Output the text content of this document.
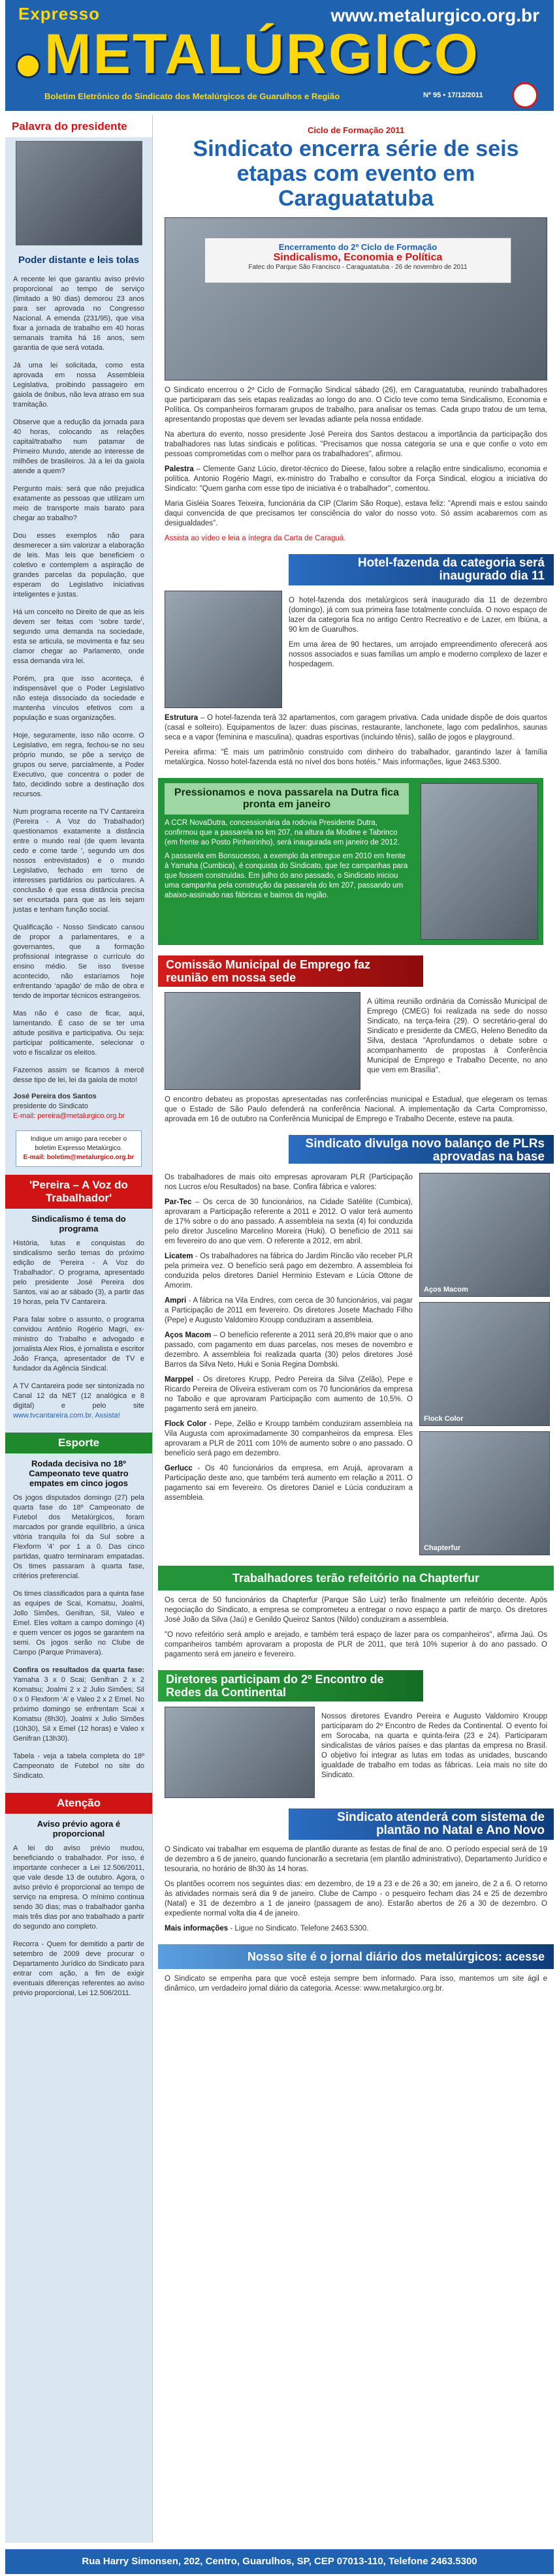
Expresso
METALÚRGICO
www.metalurgico.org.br
Boletim Eletrônico do Sindicato dos Metalúrgicos de Guarulhos e Região	Nº 95 • 17/12/2011
Palavra do presidente
Poder distante e leis tolas
A recente lei que garantiu aviso prévio proporcional ao tempo de serviço (limitado a 90 dias) demorou 23 anos para ser aprovada no Congresso Nacional. A emenda (231/95), que visa fixar a jornada de trabalho em 40 horas semanais tramita há 16 anos, sem garantia de que será votada.
Já uma lei solicitada, como esta aprovada em nossa Assembleia Legislativa, proibindo passageiro em gaiola de ônibus, não leva atraso em sua tramitação.
Observe que a redução da jornada para 40 horas, colocando as relações capital/trabalho num patamar de Primeiro Mundo, atende ao interesse de milhões de brasileiros. Já a lei da gaiola atende a quem?
Pergunto mais: será que não prejudica exatamente as pessoas que utilizam um meio de transporte mais barato para chegar ao trabalho?
Dou esses exemplos não para desmerecer a sim valorizar a elaboração de leis. Mas leis que beneficiem o coletivo e contemplem a aspiração de grandes parcelas da população, que esperam do Legislativo iniciativas inteligentes e justas.
Há um conceito no Direito de que as leis devem ser feitas com ‘sobre tarde’, segundo uma demanda na sociedade, esta se articula, se movimenta e faz seu clamor chegar ao Parlamento, onde essa demanda vira lei.
Porém, pra que isso aconteça, é indispensável que o Poder Legislativo não esteja dissociado da sociedade e mantenha vínculos efetivos com a população e suas organizações.
Hoje, seguramente, isso não ocorre. O Legislativo, em regra, fechou-se no seu próprio mundo, se põe a serviço de grupos ou serve, parcialmente, a Poder Executivo, que concentra o poder de fato, decidindo sobre a destinação dos recursos.
Num programa recente na TV Cantareira (Pereira - A Voz do Trabalhador) questionamos exatamente a distância entre o mundo real (de quem levanta cedo e come tarde ', segundo um dos nossos entrevistados) e o mundo Legislativo, fechado em torno de interesses partidários ou particulares. A conclusão é que essa distância precisa ser encurtada para que as leis sejam justas e tenham função social.
Qualificação - Nosso Sindicato cansou de propor a parlamentares, e a governantes, que a formação profissional integrasse o currículo do ensino médio. Se isso tivesse acontecido, não estaríamos hoje enfrentando ‘apagão’ de mão de obra e tendo de importar técnicos estrangeiros.
Mas não é caso de ficar, aqui, lamentando. É caso de se ter uma atitude positiva e participativa. Ou seja: participar politicamente, selecionar o voto e fiscalizar os eleitos.
Fazemos assim se ficamos à mercê desse tipo de lei, lei da gaiola de moto!
José Pereira dos Santos
presidente do Sindicato
E-mail: pereira@metalurgico.org.br
Indique um amigo para receber o boletim Expresso Metalúrgico.
E-mail: boletim@metalurgico.org.br
'Pereira – A Voz do Trabalhador'
Sindicalismo é tema do programa
História, lutas e conquistas do sindicalismo serão temas do próximo edição de 'Pereira - A Voz do Trabalhador'. O programa, apresentado pelo presidente José Pereira dos Santos, vai ao ar sábado (3), a partir das 19 horas, pela TV Cantareira.
Para falar sobre o assunto, o programa convidou Antônio Rogério Magri, ex-ministro do Trabalho e advogado e jornalista Alex Rios, é jornalista e escritor João França, apresentador de TV e fundador da Agência Sindical.
A TV Cantareira pode ser sintonizada no Canal 12 da NET (12 analógica e 8 digital) e pelo site www.tvcantareira.com.br. Assista!
Esporte
Rodada decisiva no 18º Campeonato teve quatro empates em cinco jogos
Os jogos disputados domingo (27) pela quarta fase do 18º Campeonato de Futebol dos Metalúrgicos, foram marcados por grande equilíbrio, a única vitória tranquila foi da Sul sobre a Flexform '4' por 1 a 0. Das cinco partidas, quatro terminaram empatadas. Os times passaram à quarta fase, critérios preferencial.
Os times classificados para a quinta fase as equipes de Scai, Komatsu, Joalmi, Jollo Simões, Genifran, Sil, Valeo e Emel. Eles voltam a campo domingo (4) e quem vencer os jogos se garantem na semi. Os jogos serão no Clube de Campo (Parque Primavera).
Confira os resultados da quarta fase: Yamaha 3 x 0 Scai; Genifran 2 x 2 Komatsu; Joalmi 2 x 2 Julio Simões; Sil 0 x 0 Flexform ‘A’ e Valeo 2 x 2 Emel. No próximo domingo se enfrentam Scai x Komatsu (8h30), Joalmi x Julio Simões (10h30), Sil x Emel (12 horas) e Valeo x Genifran (13h30).
Tabela - veja a tabela completa do 18º Campeonato de Futebol no site do Sindicato.
Atenção
Aviso prévio agora é proporcional
A lei do aviso prévio mudou, beneficiando o trabalhador. Por isso, é importante conhecer a Lei 12.506/2011, que vale desde 13 de outubro. Agora, o aviso prévio é proporcional ao tempo de serviço na empresa. O mínimo continua sendo 30 dias; mas o trabalhador ganha mais três dias por ano trabalhado a partir do segundo ano completo.
Recorra - Quem for demitido a partir de setembro de 2009 deve procurar o Departamento Jurídico do Sindicato para entrar com ação, a fim de exigir eventuais diferenças referentes ao aviso prévio proporcional, Lei 12.506/2011.
Ciclo de Formação 2011
Sindicato encerra série de seis etapas com evento em Caraguatatuba
Encerramento do 2º Ciclo de Formação
Sindicalismo, Economia e Política
Fatec do Parque São Francisco - Caraguatatuba - 26 de novembro de 2011
O Sindicato encerrou o 2º Ciclo de Formação Sindical sábado (26), em Caraguatatuba, reunindo trabalhadores que participaram das seis etapas realizadas ao longo do ano. O Ciclo teve como tema Sindicalismo, Economia e Política. Os companheiros formaram grupos de trabalho, para analisar os temas. Cada grupo tratou de um tema, apresentando propostas que devem ser levadas adiante pela nossa entidade.
Na abertura do evento, nosso presidente José Pereira dos Santos destacou a importância da participação dos trabalhadores nas lutas sindicais e políticas. "Precisamos que nossa categoria se una e que confie o voto em pessoas comprometidas com o melhor para os trabalhadores", afirmou.
Palestra – Clemente Ganz Lúcio, diretor-técnico do Dieese, falou sobre a relação entre sindicalismo, economia e política. Antonio Rogério Magri, ex-ministro do Trabalho e consultor da Força Sindical, elogiou a iniciativa do Sindicato: "Quem ganha com esse tipo de iniciativa é o trabalhador", comentou.
Maria Gisléia Soares Teixeira, funcionária da CIP (Clarim São Roque), estava feliz: "Aprendi mais e estou saindo daqui convencida de que precisamos ter consciência do valor do nosso voto. Só assim acabaremos com as desigualdades".
Assista ao vídeo e leia a íntegra da Carta de Caraguá.
Hotel-fazenda da categoria será inaugurado dia 11
O hotel-fazenda dos metalúrgicos será inaugurado dia 11 de dezembro (domingo), já com sua primeira fase totalmente concluída. O novo espaço de lazer da categoria fica no antigo Centro Recreativo e de Lazer, em Ibiúna, a 90 km de Guarulhos.
Em uma área de 90 hectares, um arrojado empreendimento oferecerá aos nossos associados e suas famílias um amplo e moderno complexo de lazer e hospedagem.
Estrutura – O hotel-fazenda terá 32 apartamentos, com garagem privativa. Cada unidade dispõe de dois quartos (casal e solteiro). Equipamentos de lazer: duas piscinas, restaurante, lanchonete, lago com pedalinhos, saunas seca e a vapor (feminina e masculina), quadras esportivas (incluindo tênis), salão de jogos e playground.
Pereira afirma: "É mais um patrimônio construído com dinheiro do trabalhador, garantindo lazer à família metalúrgica. Nosso hotel-fazenda está no nível dos bons hotéis." Mais informações, ligue 2463.5300.
Pressionamos e nova passarela na Dutra fica pronta em janeiro
A CCR NovaDutra, concessionária da rodovia Presidente Dutra, confirmou que a passarela no km 207, na altura da Modine e Tabrinco (em frente ao Posto Pinheirinho), será inaugurada em janeiro de 2012.
A passarela em Bonsucesso, a exemplo da entregue em 2010 em frente à Yamaha (Cumbica), é conquista do Sindicato, que fez campanhas para que fossem construídas. Em julho do ano passado, o Sindicato iniciou uma campanha pela construção da passarela do km 207, passando um abaixo-assinado nas fábricas e bairros da região.
Comissão Municipal de Emprego faz reunião em nossa sede
A última reunião ordinária da Comissão Municipal de Emprego (CMEG) foi realizada na sede do nosso Sindicato, na terça-feira (29). O secretário-geral do Sindicato e presidente da CMEG, Heleno Benedito da Silva, destaca "Aprofundamos o debate sobre o acompanhamento de propostas à Conferência Municipal de Emprego e Trabalho Decente, no ano que vem em Brasília".
O encontro debateu as propostas apresentadas nas conferências municipal e Estadual, que elegeram os temas que o Estado de São Paulo defenderá na conferência Nacional. A implementação da Carta Compromisso, aprovada em 16 de outubro na Conferência Municipal de Emprego e Trabalho Decente, esteve na pauta.
Sindicato divulga novo balanço de PLRs aprovadas na base
Os trabalhadores de mais oito empresas aprovaram PLR (Participação nos Lucros e/ou Resultados) na base. Confira fábrica e valores:
Par-Tec – Os cerca de 30 funcionários, na Cidade Satélite (Cumbica), aprovaram a Participação referente a 2011 e 2012. O valor terá aumento de 17% sobre o do ano passado. A assembleia na sexta (4) foi conduzida pelo diretor Juscelino Marcelino Moreira (Huki). O benefício de 2011 sai em fevereiro do ano que vem. O referente a 2012, em abril.
Licatem - Os trabalhadores na fábrica do Jardim Rincão vão receber PLR pela primeira vez. O benefício será pago em dezembro. A assembleia foi conduzida pelos diretores Daniel Herminio Estevam e Lúcia Ottone de Amorim.
Ampri - A fábrica na Vila Endres, com cerca de 30 funcionários, vai pagar a Participação de 2011 em fevereiro. Os diretores Josete Machado Filho (Pepe) e Augusto Valdomiro Kroupp conduziram a assembleia.
Aços Macom – O benefício referente a 2011 será 20,8% maior que o ano passado, com pagamento em duas parcelas, nos meses de novembro e dezembro. A assembleia foi realizada quarta (30) pelos diretores José Barros da Silva Neto, Huki e Sonia Regina Dombski.
Marppel - Os diretores Krupp, Pedro Pereira da Silva (Zelão), Pepe e Ricardo Pereira de Oliveira estiveram com os 70 funcionários da empresa no Taboão e que aprovaram Participação com aumento de 10,5%. O pagamento será em janeiro.
Flock Color - Pepe, Zelão e Kroupp também conduziram assembleia na Vila Augusta com aproximadamente 30 companheiros da empresa. Eles aprovaram a PLR de 2011 com 10% de aumento sobre o ano passado. O benefício será pago em dezembro.
Gerlucc - Os 40 funcionários da empresa, em Arujá, aprovaram a Participação deste ano, que também terá aumento em relação a 2011. O pagamento sai em fevereiro. Os diretores Daniel e Lúcia conduziram a assembleia.
Aços Macom
Flock Color
Chapterfur
Trabalhadores terão refeitório na Chapterfur
Os cerca de 50 funcionários da Chapterfur (Parque São Luiz) terão finalmente um refeitório decente. Após negociação do Sindicato, a empresa se comprometeu a entregar o novo espaço a partir de março. Os diretores José João da Silva (Jaú) e Genildo Queiroz Santos (Nildo) conduziram a assembleia.
"O novo refeitório será amplo e arejado, e também terá espaço de lazer para os companheiros", afirma Jaú. Os companheiros também aprovaram a proposta de PLR de 2011, que terá 10% superior à do ano passado. O pagamento será em janeiro e fevereiro.
Diretores participam do 2º Encontro de Redes da Continental
Nossos diretores Evandro Pereira e Augusto Valdomiro Kroupp participaram do 2º Encontro de Redes da Continental. O evento foi em Sorocaba, na quarta e quinta-feira (23 e 24). Participaram sindicalistas de vários países e das plantas da empresa no Brasil. O objetivo foi integrar as lutas em todas as unidades, buscando igualdade de trabalho em todas as fábricas. Leia mais no site do Sindicato.
Sindicato atenderá com sistema de plantão no Natal e Ano Novo
O Sindicato vai trabalhar em esquema de plantão durante as festas de final de ano. O período especial será de 19 de dezembro a 6 de janeiro, quando funcionarão a secretaria (em plantão administrativo), Departamento Jurídico e tesouraria, no horário de 8h30 às 14 horas.
Os plantões ocorrem nos seguintes dias: em dezembro, de 19 a 23 e de 26 a 30; em janeiro, de 2 a 6. O retorno às atividades normais será dia 9 de janeiro. Clube de Campo - o pesqueiro fecham dias 24 e 25 de dezembro (Natal) e 31 de dezembro a 1 de janeiro (passagem de ano). Estarão abertos de 26 a 30 de dezembro. O expediente normal volta dia 4 de janeiro.
Mais informações - Ligue no Sindicato. Telefone 2463.5300.
Nosso site é o jornal diário dos metalúrgicos: acesse
O Sindicato se empenha para que você esteja sempre bem informado. Para isso, mantemos um site ágil e dinâmico, um verdadeiro jornal diário da categoria. Acesse: www.metalurgico.org.br.
Rua Harry Simonsen, 202, Centro, Guarulhos, SP, CEP 07013-110, Telefone 2463.5300
